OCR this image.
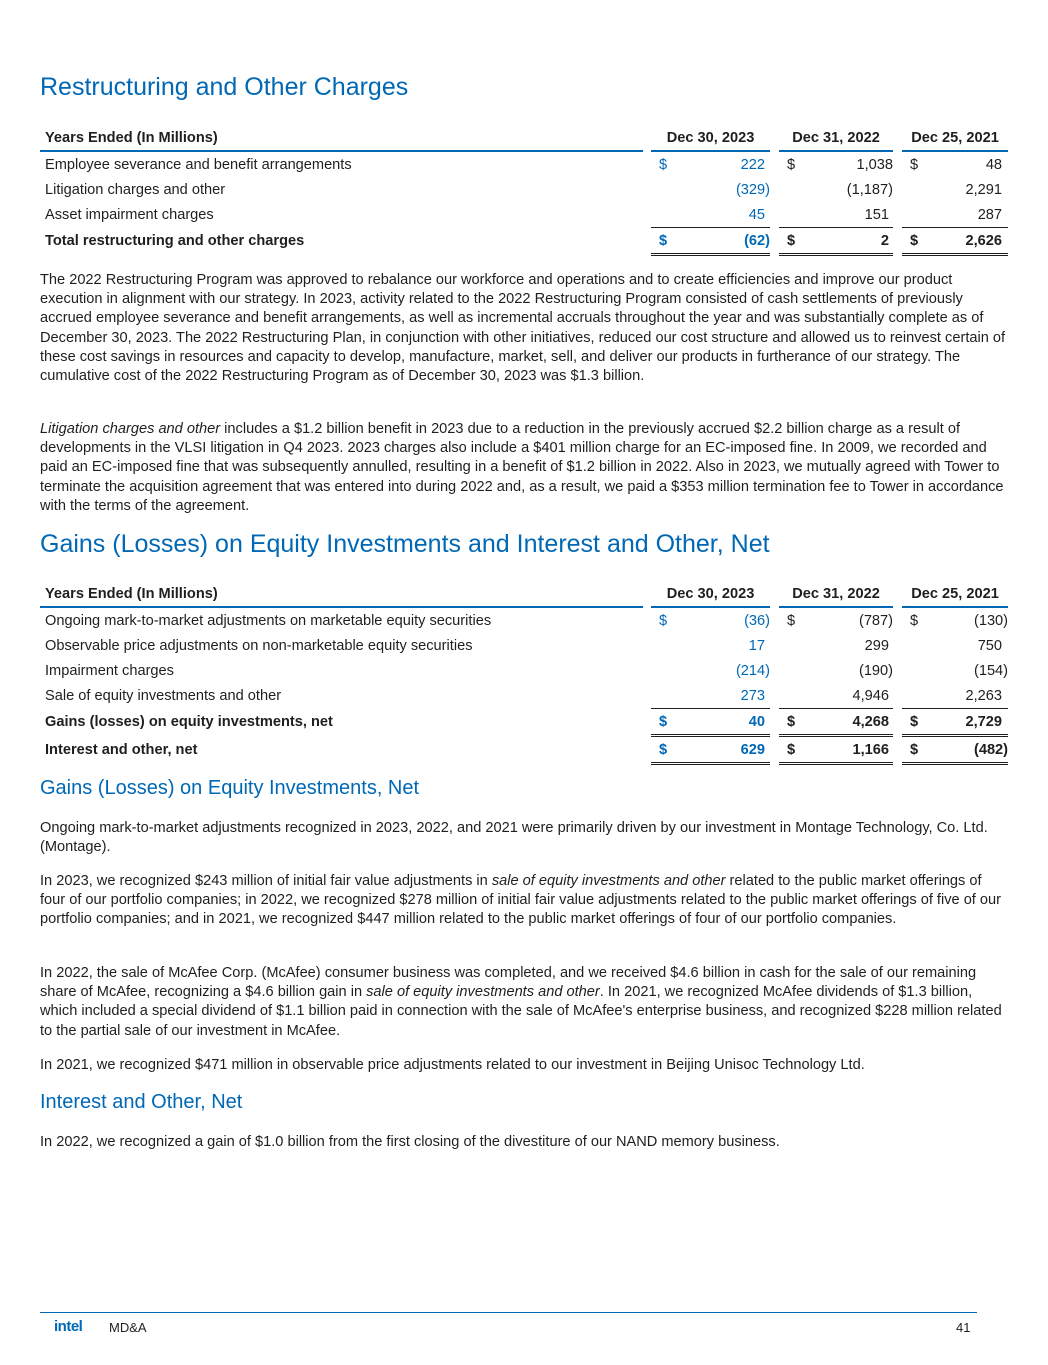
Restructuring and Other Charges
Years Ended (In Millions)		Dec 30, 2023			Dec 31, 2022			Dec 25, 2021	
Employee severance and benefit arrangements		$	222		$	1,038		$	48
Litigation charges and other			(329)			(1,187)			2,291
Asset impairment charges			45			151			287
Total restructuring and other charges		$	(62)		$	2		$	2,626

The 2022 Restructuring Program was approved to rebalance our workforce and operations and to create efficiencies and improve our product execution in alignment with our strategy. In 2023, activity related to the 2022 Restructuring Program consisted of cash settlements of previously accrued employee severance and benefit arrangements, as well as incremental accruals throughout the year and was substantially complete as of December 30, 2023. The 2022 Restructuring Plan, in conjunction with other initiatives, reduced our cost structure and allowed us to reinvest certain of these cost savings in resources and capacity to develop, manufacture, market, sell, and deliver our products in furtherance of our strategy. The cumulative cost of the 2022 Restructuring Program as of December 30, 2023 was $1.3 billion.

Litigation charges and other includes a $1.2 billion benefit in 2023 due to a reduction in the previously accrued $2.2 billion charge as a result of developments in the VLSI litigation in Q4 2023. 2023 charges also include a $401 million charge for an EC-imposed fine. In 2009, we recorded and paid an EC-imposed fine that was subsequently annulled, resulting in a benefit of $1.2 billion in 2022. Also in 2023, we mutually agreed with Tower to terminate the acquisition agreement that was entered into during 2022 and, as a result, we paid a $353 million termination fee to Tower in accordance with the terms of the agreement.

Gains (Losses) on Equity Investments and Interest and Other, Net
Years Ended (In Millions)		Dec 30, 2023			Dec 31, 2022			Dec 25, 2021	
Ongoing mark-to-market adjustments on marketable equity securities		$	(36)		$	(787)		$	(130)
Observable price adjustments on non-marketable equity securities			17			299			750
Impairment charges			(214)			(190)			(154)
Sale of equity investments and other			273			4,946			2,263
Gains (losses) on equity investments, net		$	40		$	4,268		$	2,729
Interest and other, net		$	629		$	1,166		$	(482)
Gains (Losses) on Equity Investments, Net

Ongoing mark-to-market adjustments recognized in 2023, 2022, and 2021 were primarily driven by our investment in Montage Technology, Co. Ltd. (Montage).

In 2023, we recognized $243 million of initial fair value adjustments in sale of equity investments and other related to the public market offerings of four of our portfolio companies; in 2022, we recognized $278 million of initial fair value adjustments related to the public market offerings of five of our portfolio companies; and in 2021, we recognized $447 million related to the public market offerings of four of our portfolio companies.

In 2022, the sale of McAfee Corp. (McAfee) consumer business was completed, and we received $4.6 billion in cash for the sale of our remaining share of McAfee, recognizing a $4.6 billion gain in sale of equity investments and other. In 2021, we recognized McAfee dividends of $1.3 billion, which included a special dividend of $1.1 billion paid in connection with the sale of McAfee's enterprise business, and recognized $228 million related to the partial sale of our investment in McAfee.

In 2021, we recognized $471 million in observable price adjustments related to our investment in Beijing Unisoc Technology Ltd.

Interest and Other, Net

In 2022, we recognized a gain of $1.0 billion from the first closing of the divestiture of our NAND memory business.

intel MD&A	41
